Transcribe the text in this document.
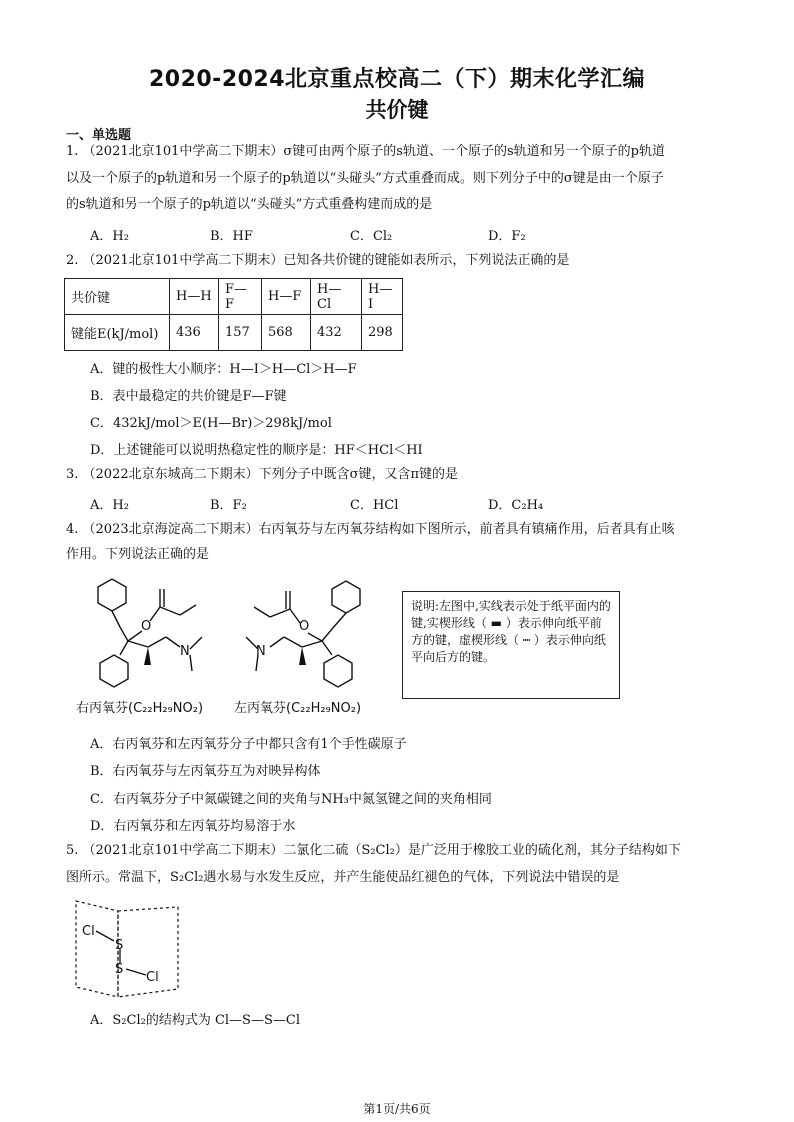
2020-2024北京重点校高二（下）期末化学汇编
共价键
一、单选题
1. （2021北京101中学高二下期末）σ键可由两个原子的s轨道、一个原子的s轨道和另一个原子的p轨道
以及一个原子的p轨道和另一个原子的p轨道以“头碰头”方式重叠而成。则下列分子中的σ键是由一个原子
的s轨道和另一个原子的p轨道以“头碰头”方式重叠构建而成的是
A．H₂	B．HF	C．Cl₂	D．F₂
2. （2021北京101中学高二下期末）已知各共价键的键能如表所示，下列说法正确的是
共价键	H—H	F—F	H—F	H—Cl	H—I
键能E(kJ/mol)	436	157	568	432	298
A．键的极性大小顺序：H—I＞H—Cl＞H—F
B．表中最稳定的共价键是F—F键
C．432kJ/mol＞E(H—Br)＞298kJ/mol
D．上述键能可以说明热稳定性的顺序是：HF＜HCl＜HI
3. （2022北京东城高二下期末）下列分子中既含σ键，又含π键的是
A．H₂	B．F₂	C．HCl	D．C₂H₄
4. （2023北京海淀高二下期末）右丙氧芬与左丙氧芬结构如下图所示，前者具有镇痛作用，后者具有止咳
作用。下列说法正确的是
O
N
O
N
说明:左图中,实线表示处于纸平面内的键,实楔形线（ ▬ ）表示伸向纸平前方的键，虚楔形线（ ┉ ）表示伸向纸平向后方的键。
右丙氧芬(C₂₂H₂₉NO₂) 左丙氧芬(C₂₂H₂₉NO₂)
A．右丙氧芬和左丙氧芬分子中都只含有1个手性碳原子
B．右丙氧芬与左丙氧芬互为对映异构体
C．右丙氧芬分子中氮碳键之间的夹角与NH₃中氮氢键之间的夹角相同
D．右丙氧芬和左丙氧芬均易溶于水
5. （2021北京101中学高二下期末）二氯化二硫（S₂Cl₂）是广泛用于橡胶工业的硫化剂，其分子结构如下
图所示。常温下，S₂Cl₂遇水易与水发生反应，并产生能使品红褪色的气体，下列说法中错误的是
Cl
S
S
Cl
A．S₂Cl₂的结构式为 Cl—S—S—Cl
第1页/共6页
